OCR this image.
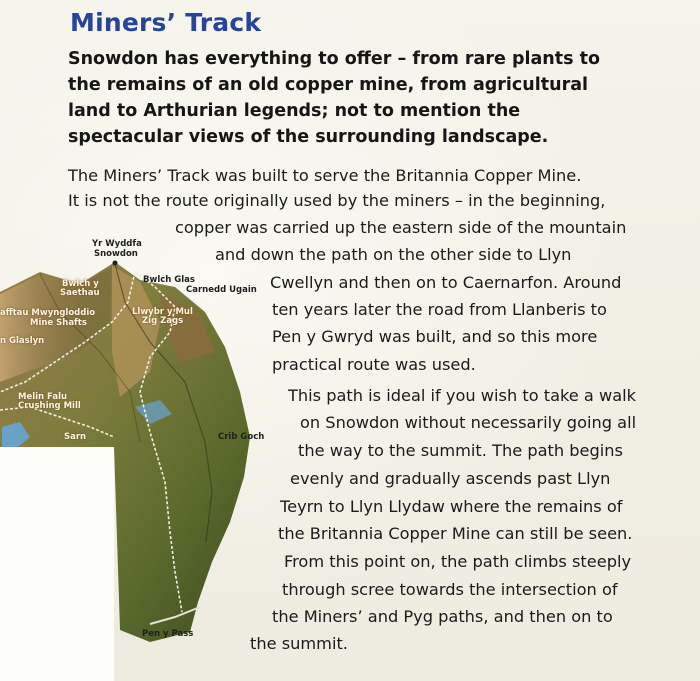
Miners’ Track
Snowdon has everything to offer – from rare plants to
the remains of an old copper mine, from agricultural
land to Arthurian legends; not to mention the
spectacular views of the surrounding landscape.
Yr Wyddfa
Snowdon
Bwlch y
Saethau
Bwlch Glas
Carnedd Ugain
afftau Mwyngloddio
Mine Shafts
Llwybr y Mul
Zig Zags
n Glaslyn
Melin Falu
Crushing Mill
Crib Goch
Sarn
Pen y Pass
The Miners’ Track was built to serve the Britannia Copper Mine.
It is not the route originally used by the miners – in the beginning,
copper was carried up the eastern side of the mountain
and down the path on the other side to Llyn
Cwellyn and then on to Caernarfon. Around
ten years later the road from Llanberis to
Pen y Gwryd was built, and so this more
practical route was used.
This path is ideal if you wish to take a walk
on Snowdon without necessarily going all
the way to the summit. The path begins
evenly and gradually ascends past Llyn
Teyrn to Llyn Llydaw where the remains of
the Britannia Copper Mine can still be seen.
From this point on, the path climbs steeply
through scree towards the intersection of
the Miners’ and Pyg paths, and then on to
the summit.
